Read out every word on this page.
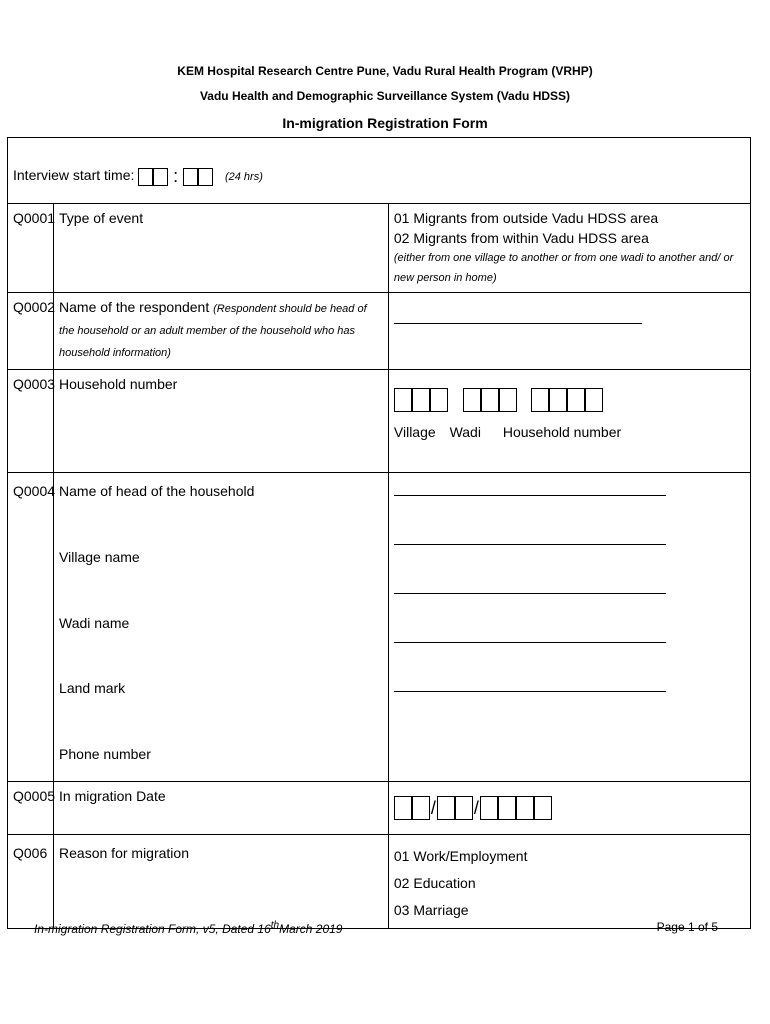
KEM Hospital Research Centre Pune, Vadu Rural Health Program (VRHP)
Vadu Health and Demographic Surveillance System (Vadu HDSS)
In-migration Registration Form
Interview start time: : (24 hrs)		
Q0001	Type of event	01 Migrants from outside Vadu HDSS area
02 Migrants from within Vadu HDSS area
(either from one village to another or from one wadi to another and/ or new person in home)

Q0002	Name of the respondent (Respondent should be head of the household or an adult member of the household who has household information)	

Q0003	Household number	Village Wadi Household number

Q0004	Name of head of the household
Village name
Wadi name
Land mark
Phone number	

Q0005	In migration Date	/ /

Q006	Reason for migration	01 Work/Employment
02 Education
03 Marriage
In-migration Registration Form, v5, Dated 16thMarch 2019	Page 1 of 5
